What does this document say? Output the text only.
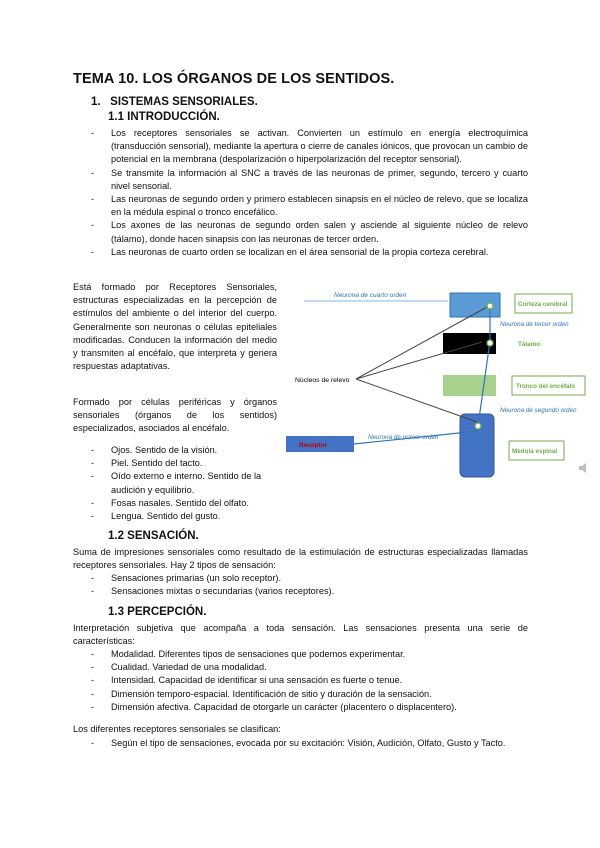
TEMA 10. LOS ÓRGANOS DE LOS SENTIDOS.
1.   SISTEMAS SENSORIALES.
1.1 INTRODUCCIÓN.
- Los receptores sensoriales se activan. Convierten un estímulo en energía electroquímica (transducción sensorial), mediante la apertura o cierre de canales iónicos, que provocan un cambio de potencial en la membrana (despolarización o hiperpolarización del receptor sensorial).
- Se transmite la información al SNC a través de las neuronas de primer, segundo, tercero y cuarto nivel sensorial.
- Las neuronas de segundo orden y primero establecen sinapsis en el núcleo de relevo, que se localiza en la médula espinal o tronco encefálico.
- Los axones de las neuronas de segundo orden salen y asciende al siguiente núcleo de relevo (tálamo), donde hacen sinapsis con las neuronas de tercer orden.
- Las neuronas de cuarto orden se localizan en el área sensorial de la propia corteza cerebral.
Está formado por Receptores Sensoriales, estructuras especializadas en la percepción de estímulos del ambiente o del interior del cuerpo. Generalmente son neuronas o células epiteliales modificadas. Conducen la información del medio y transmiten al encéfalo, que interpreta y genera respuestas adaptativas.
Formado por células periféricas y órganos sensoriales (órganos de los sentidos) especializados, asociados al encéfalo.
- Ojos. Sentido de la visión.
- Piel. Sentido del tacto.
- Oído externo e interno. Sentido de la audición y equilibrio.
- Fosas nasales. Sentido del olfato.
- Lengua. Sentido del gusto.
Neurona de cuarto orden
Corteza cerebral
Neurona de tercer orden
Tálamo
Núcleos de relevo
Tronco del encéfalo
Neurona de segundo orden
Neurona de primer orden
Receptor
Medula espinal
1.2 SENSACIÓN.
Suma de impresiones sensoriales como resultado de la estimulación de estructuras especializadas llamadas receptores sensoriales. Hay 2 tipos de sensación:
- Sensaciones primarias (un solo receptor).
- Sensaciones mixtas o secundarias (varios receptores).
1.3 PERCEPCIÓN.
Interpretación subjetiva que acompaña a toda sensación. Las sensaciones presenta una serie de características:
- Modalidad. Diferentes tipos de sensaciones que podemos experimentar.
- Cualidad. Variedad de una modalidad.
- Intensidad. Capacidad de identificar si una sensación es fuerte o tenue.
- Dimensión temporo-espacial. Identificación de sitio y duración de la sensación.
- Dimensión afectiva. Capacidad de otorgarle un carácter (placentero o displacentero).
Los diferentes receptores sensoriales se clasifican:
- Según el tipo de sensaciones, evocada por su excitación: Visión, Audición, Olfato, Gusto y Tacto.
